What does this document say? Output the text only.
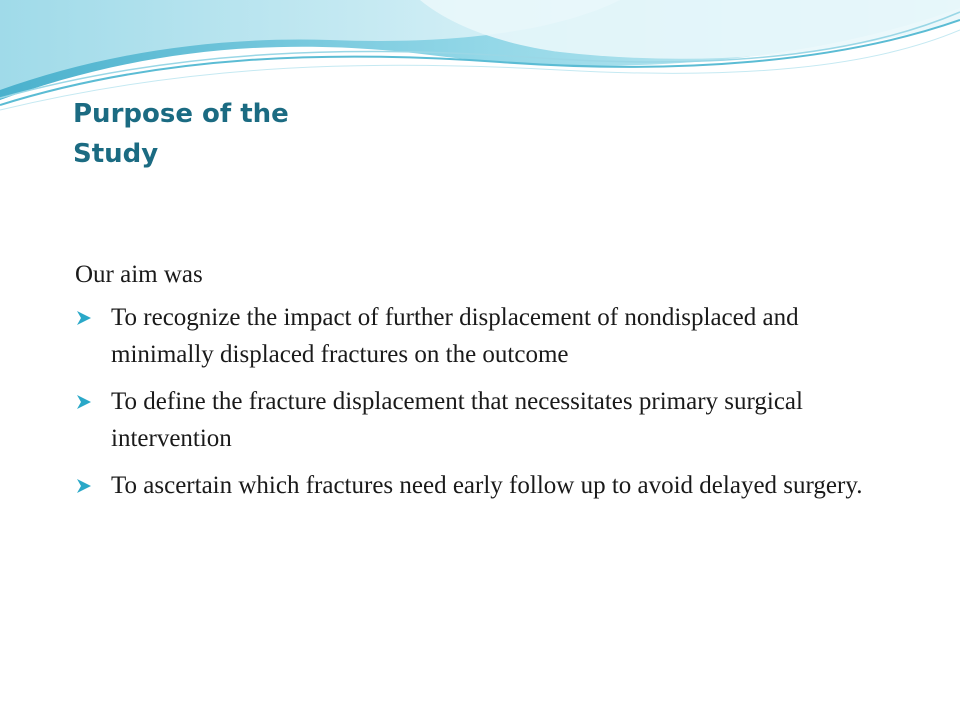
Purpose of the
Study

Our aim was

To recognize the impact of further displacement of nondisplaced and minimally displaced fractures on the outcome
To define the fracture displacement that necessitates primary surgical intervention
To ascertain which fractures need early follow up to avoid delayed surgery.
